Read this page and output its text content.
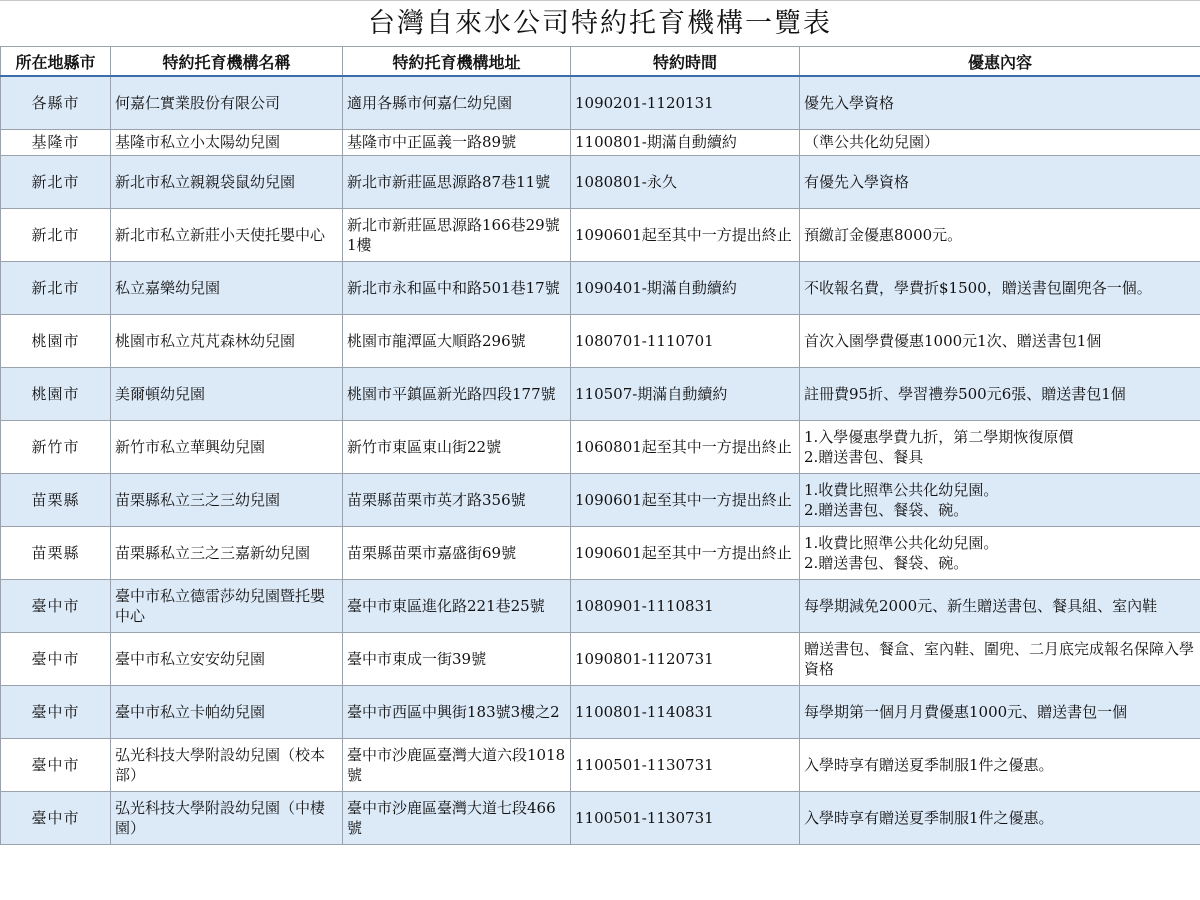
台灣自來水公司特約托育機構一覽表
所在地縣市	特約托育機構名稱	特約托育機構地址	特約時間	優惠內容
各縣市	何嘉仁實業股份有限公司	適用各縣市何嘉仁幼兒園	1090201-1120131	優先入學資格
基隆市	基隆市私立小太陽幼兒園	基隆市中正區義一路89號	1100801-期滿自動續約	（準公共化幼兒園）
新北市	新北市私立親親袋鼠幼兒園	新北市新莊區思源路87巷11號	1080801-永久	有優先入學資格
新北市	新北市私立新莊小天使托嬰中心	新北市新莊區思源路166巷29號1樓	1090601起至其中一方提出終止	預繳訂金優惠8000元。
新北市	私立嘉樂幼兒園	新北市永和區中和路501巷17號	1090401-期滿自動續約	不收報名費，學費折$1500，贈送書包圍兜各一個。
桃園市	桃園市私立芃芃森林幼兒園	桃園市龍潭區大順路296號	1080701-1110701	首次入園學費優惠1000元1次、贈送書包1個
桃園市	美爾頓幼兒園	桃園市平鎮區新光路四段177號	110507-期滿自動續約	註冊費95折、學習禮券500元6張、贈送書包1個
新竹市	新竹市私立華興幼兒園	新竹市東區東山街22號	1060801起至其中一方提出終止	1.入學優惠學費九折，第二學期恢復原價
2.贈送書包、餐具

苗栗縣	苗栗縣私立三之三幼兒園	苗栗縣苗栗市英才路356號	1090601起至其中一方提出終止	1.收費比照準公共化幼兒園。
2.贈送書包、餐袋、碗。

苗栗縣	苗栗縣私立三之三嘉新幼兒園	苗栗縣苗栗市嘉盛街69號	1090601起至其中一方提出終止	1.收費比照準公共化幼兒園。
2.贈送書包、餐袋、碗。

臺中市	臺中市私立德雷莎幼兒園暨托嬰中心	臺中市東區進化路221巷25號	1080901-1110831	每學期減免2000元、新生贈送書包、餐具組、室內鞋
臺中市	臺中市私立安安幼兒園	臺中市東成一街39號	1090801-1120731	贈送書包、餐盒、室內鞋、圍兜、二月底完成報名保障入學資格
臺中市	臺中市私立卡帕幼兒園	臺中市西區中興街183號3樓之2	1100801-1140831	每學期第一個月月費優惠1000元、贈送書包一個
臺中市	弘光科技大學附設幼兒園（校本部）	臺中市沙鹿區臺灣大道六段1018號	1100501-1130731	入學時享有贈送夏季制服1件之優惠。
臺中市	弘光科技大學附設幼兒園（中棲園）	臺中市沙鹿區臺灣大道七段466號	1100501-1130731	入學時享有贈送夏季制服1件之優惠。
